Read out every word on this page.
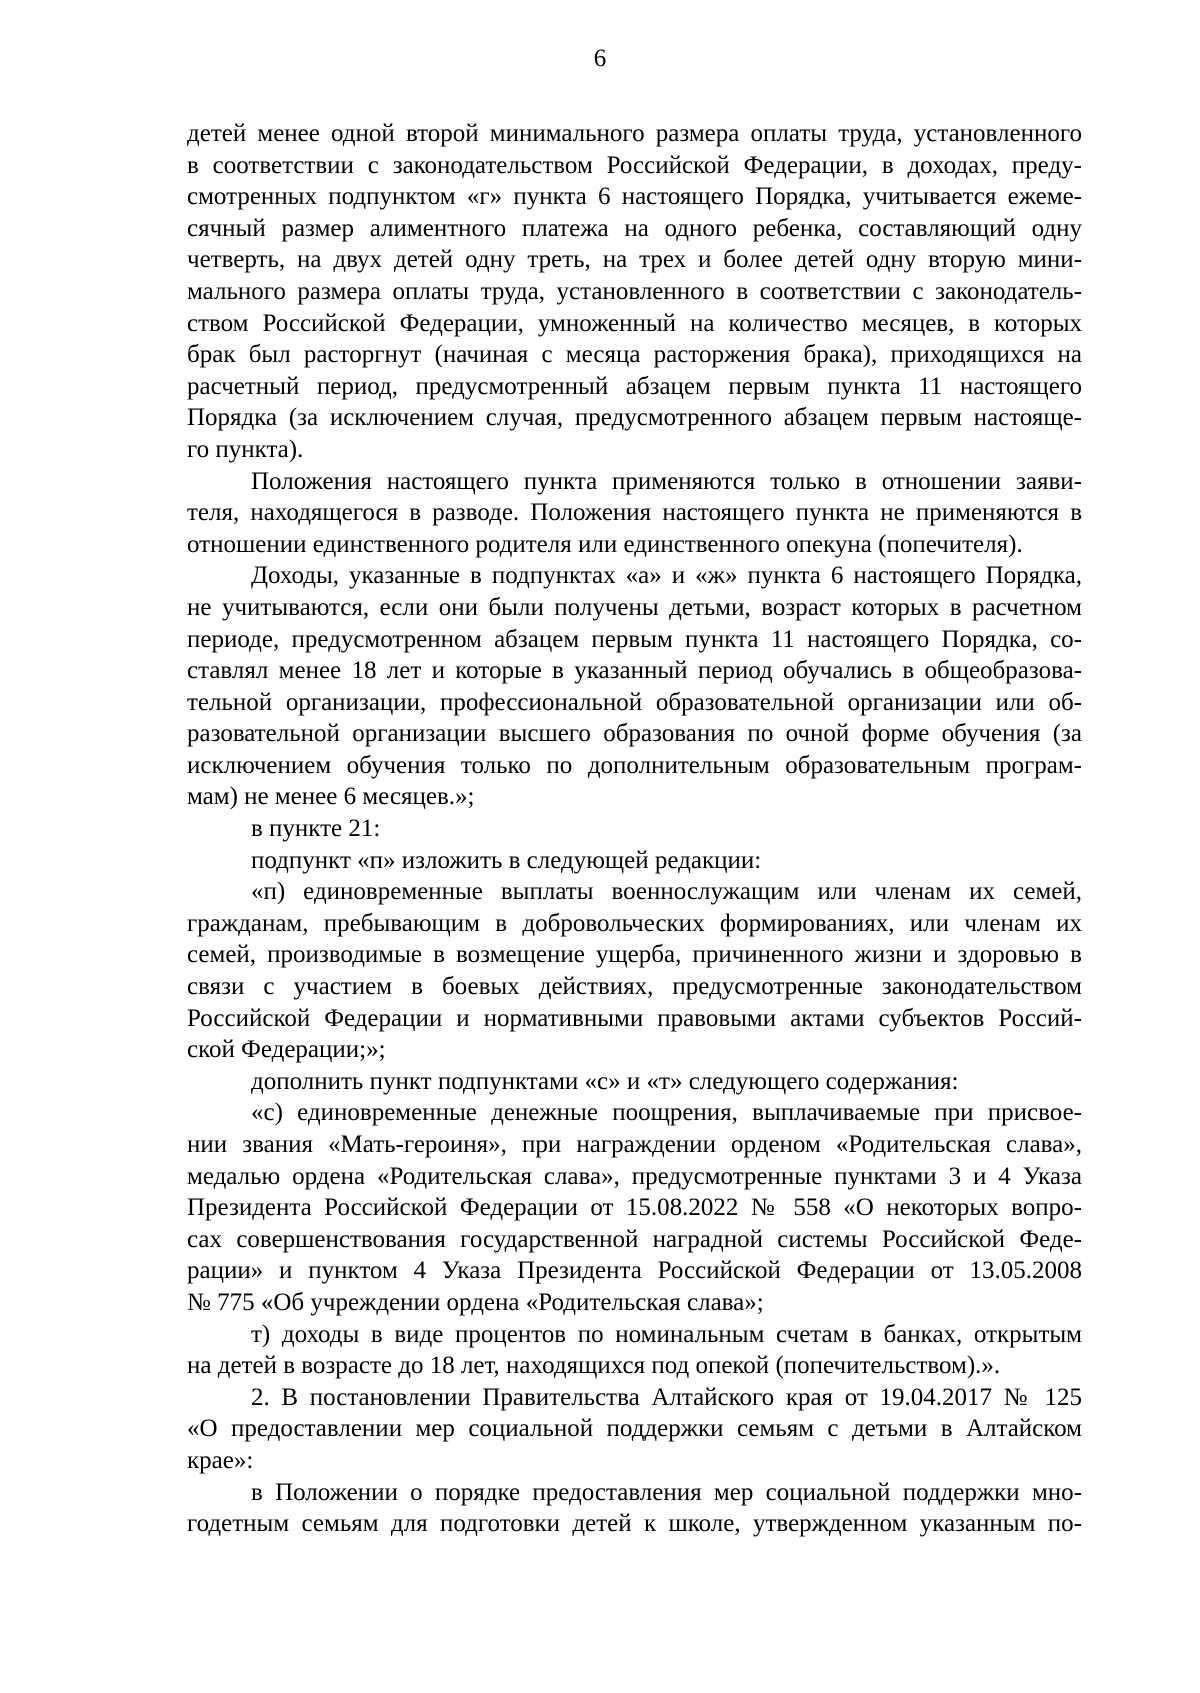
6
детей менее одной второй минимального размера оплаты труда, установленного
в соответствии с законодательством Российской Федерации, в доходах, преду-
смотренных подпунктом «г» пункта 6 настоящего Порядка, учитывается ежеме-
сячный размер алиментного платежа на одного ребенка, составляющий одну
четверть, на двух детей одну треть, на трех и более детей одну вторую мини-
мального размера оплаты труда, установленного в соответствии с законодатель-
ством Российской Федерации, умноженный на количество месяцев, в которых
брак был расторгнут (начиная с месяца расторжения брака), приходящихся на
расчетный период, предусмотренный абзацем первым пункта 11 настоящего
Порядка (за исключением случая, предусмотренного абзацем первым настояще-
го пункта).
Положения настоящего пункта применяются только в отношении заяви-
теля, находящегося в разводе. Положения настоящего пункта не применяются в
отношении единственного родителя или единственного опекуна (попечителя).
Доходы, указанные в подпунктах «а» и «ж» пункта 6 настоящего Порядка,
не учитываются, если они были получены детьми, возраст которых в расчетном
периоде, предусмотренном абзацем первым пункта 11 настоящего Порядка, со-
ставлял менее 18 лет и которые в указанный период обучались в общеобразова-
тельной организации, профессиональной образовательной организации или об-
разовательной организации высшего образования по очной форме обучения (за
исключением обучения только по дополнительным образовательным програм-
мам) не менее 6 месяцев.»;
в пункте 21:
подпункт «п» изложить в следующей редакции:
«п) единовременные выплаты военнослужащим или членам их семей,
гражданам, пребывающим в добровольческих формированиях, или членам их
семей, производимые в возмещение ущерба, причиненного жизни и здоровью в
связи с участием в боевых действиях, предусмотренные законодательством
Российской Федерации и нормативными правовыми актами субъектов Россий-
ской Федерации;»;
дополнить пункт подпунктами «с» и «т» следующего содержания:
«с) единовременные денежные поощрения, выплачиваемые при присвое-
нии звания «Мать-героиня», при награждении орденом «Родительская слава»,
медалью ордена «Родительская слава», предусмотренные пунктами 3 и 4 Указа
Президента Российской Федерации от 15.08.2022 № 558 «О некоторых вопро-
сах совершенствования государственной наградной системы Российской Феде-
рации» и пунктом 4 Указа Президента Российской Федерации от 13.05.2008
№ 775 «Об учреждении ордена «Родительская слава»;
т) доходы в виде процентов по номинальным счетам в банках, открытым
на детей в возрасте до 18 лет, находящихся под опекой (попечительством).».
2. В постановлении Правительства Алтайского края от 19.04.2017 № 125
«О предоставлении мер социальной поддержки семьям с детьми в Алтайском
крае»:
в Положении о порядке предоставления мер социальной поддержки мно-
годетным семьям для подготовки детей к школе, утвержденном указанным по-
